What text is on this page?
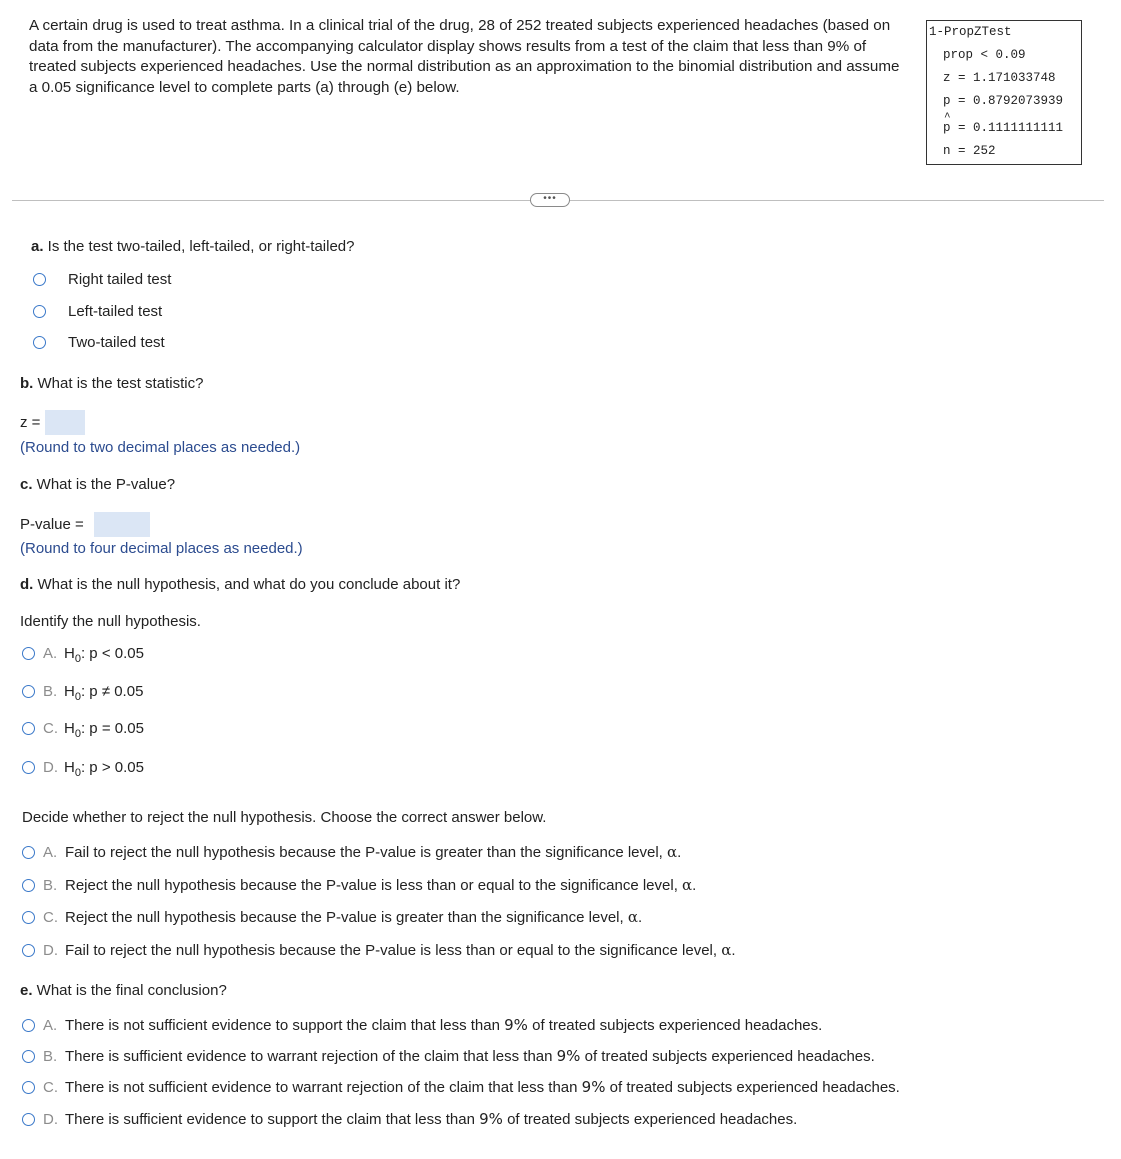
A certain drug is used to treat asthma. In a clinical trial of the drug, 28 of 252 treated subjects experienced headaches (based on data from the manufacturer). The accompanying calculator display shows results from a test of the claim that less than 9% of treated subjects experienced headaches. Use the normal distribution as an approximation to the binomial distribution and assume a 0.05 significance level to complete parts (a) through (e) below.
1-PropZTest
prop < 0.09
z = 1.171033748
p = 0.8792073939
^ p = 0.1111111111
n = 252
•••
a. Is the test two-tailed, left-tailed, or right-tailed?
Right tailed test
Left-tailed test
Two-tailed test
b. What is the test statistic?
z =
(Round to two decimal places as needed.)
c. What is the P-value?
P-value =
(Round to four decimal places as needed.)
d. What is the null hypothesis, and what do you conclude about it?
Identify the null hypothesis.
A. $H_0$: p < 0.05
B. $H_0$: p ≠ 0.05
C. $H_0$: p = 0.05
D. $H_0$: p > 0.05
Decide whether to reject the null hypothesis. Choose the correct answer below.
A. Fail to reject the null hypothesis because the P-value is greater than the significance level, α.
B. Reject the null hypothesis because the P-value is less than or equal to the significance level, α.
C. Reject the null hypothesis because the P-value is greater than the significance level, α.
D. Fail to reject the null hypothesis because the P-value is less than or equal to the significance level, α.
e. What is the final conclusion?
A. There is not sufficient evidence to support the claim that less than 9% of treated subjects experienced headaches.
B. There is sufficient evidence to warrant rejection of the claim that less than 9% of treated subjects experienced headaches.
C. There is not sufficient evidence to warrant rejection of the claim that less than 9% of treated subjects experienced headaches.
D. There is sufficient evidence to support the claim that less than 9% of treated subjects experienced headaches.
